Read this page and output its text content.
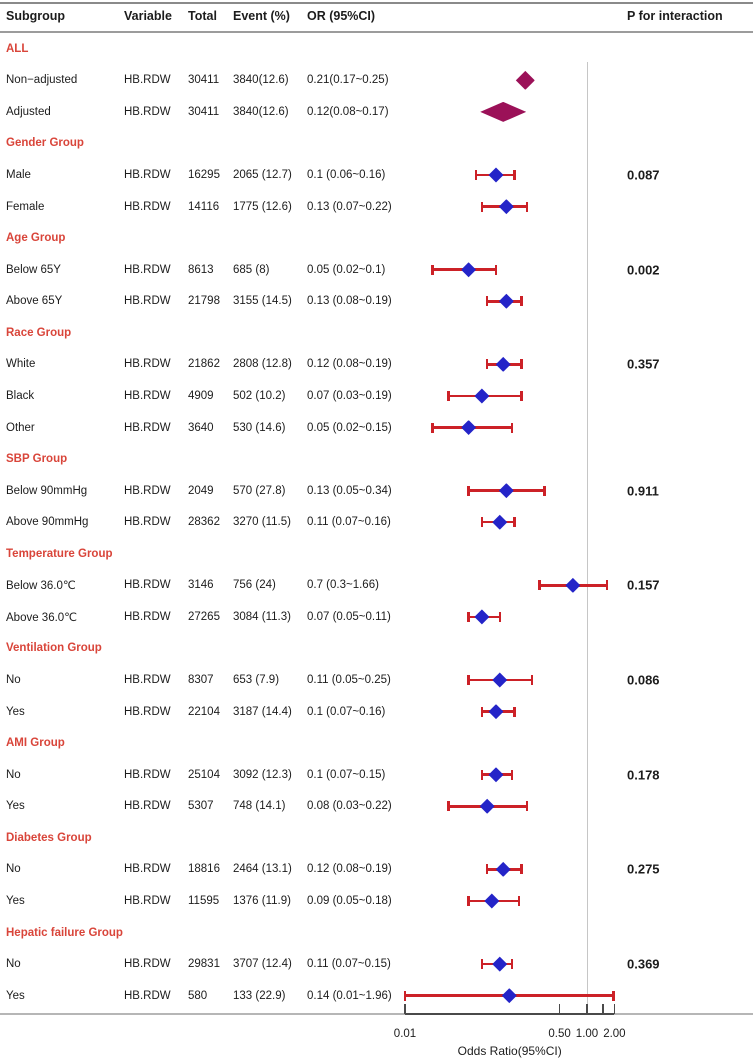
Subgroup	Variable Total Event (%) OR (95%CI)	P for interaction
ALL
Non−adjusted	HB.RDW 30411 3840(12.6) 0.21(0.17~0.25)
Adjusted	HB.RDW 30411 3840(12.6) 0.12(0.08~0.17)
Gender Group
Male	HB.RDW 16295 2065 (12.7) 0.1 (0.06~0.16)	0.087
Female	HB.RDW 14116 1775 (12.6) 0.13 (0.07~0.22)
Age Group
Below 65Y	HB.RDW 8613 685 (8)	0.05 (0.02~0.1)	0.002
Above 65Y	HB.RDW 21798 3155 (14.5) 0.13 (0.08~0.19)
Race Group
White	HB.RDW 21862 2808 (12.8) 0.12 (0.08~0.19)	0.357
Black	HB.RDW 4909 502 (10.2) 0.07 (0.03~0.19)
Other	HB.RDW 3640 530 (14.6) 0.05 (0.02~0.15)
SBP Group
Below 90mmHg	HB.RDW 2049 570 (27.8) 0.13 (0.05~0.34)	0.911
Above 90mmHg	HB.RDW 28362 3270 (11.5) 0.11 (0.07~0.16)
Temperature Group
Below 36.0℃	HB.RDW 3146 756 (24)	0.7 (0.3~1.66)	0.157
Above 36.0℃	HB.RDW 27265 3084 (11.3) 0.07 (0.05~0.11)
Ventilation Group
No	HB.RDW 8307 653 (7.9) 0.11 (0.05~0.25)	0.086
Yes	HB.RDW 22104 3187 (14.4) 0.1 (0.07~0.16)
AMI Group
No	HB.RDW 25104 3092 (12.3) 0.1 (0.07~0.15)	0.178
Yes	HB.RDW 5307 748 (14.1) 0.08 (0.03~0.22)
Diabetes Group
No	HB.RDW 18816 2464 (13.1) 0.12 (0.08~0.19)	0.275
Yes	HB.RDW 11595 1376 (11.9) 0.09 (0.05~0.18)
Hepatic failure Group
No	HB.RDW 29831 3707 (12.4) 0.11 (0.07~0.15)	0.369
Yes	HB.RDW 580 133 (22.9) 0.14 (0.01~1.96)
Odds Ratio(95%CI)
0.01	0.50 1.00 2.00
